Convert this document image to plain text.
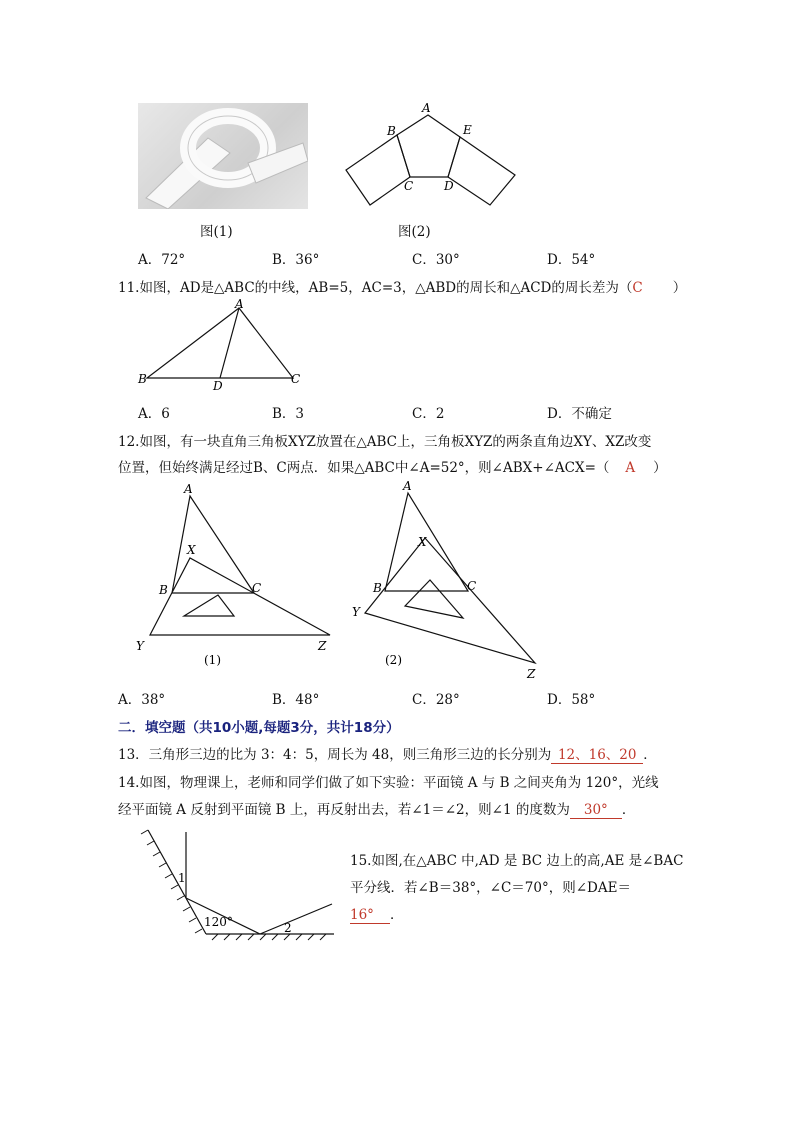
图(1)
A
B
C	D
E
图(2)
A．72°	B．36°	C．30°	D．54°
11.如图，AD是△ABC的中线，AB=5，AC=3，△ABD的周长和△ACD的周长差为（C ）
A
B	D	C
A．6	B．3	C．2	D．不确定
12.如图，有一块直角三角板XYZ放置在△ABC上，三角板XYZ的两条直角边XY、XZ改变
位置，但始终满足经过B、C两点．如果△ABC中∠A=52°，则∠ABX+∠ACX=（ A ）
A
X
B	C
Y	Z
(1)
A
X
B	C
Y
Z
(2)
A．38°	B．48°	C．28°	D．58°
二．填空题（共10小题,每题3分，共计18分）
13．三角形三边的比为 3：4：5，周长为 48，则三角形三边的长分别为 12、16、20 ．
14.如图，物理课上，老师和同学们做了如下实验：平面镜 A 与 B 之间夹角为 120°，光线
经平面镜 A 反射到平面镜 B 上，再反射出去，若∠1＝∠2，则∠1 的度数为 30° ．
1
120°	2
15.如图,在△ABC 中,AD 是 BC 边上的高,AE 是∠BAC
平分线．若∠B＝38°，∠C＝70°，则∠DAE＝
16° ．
